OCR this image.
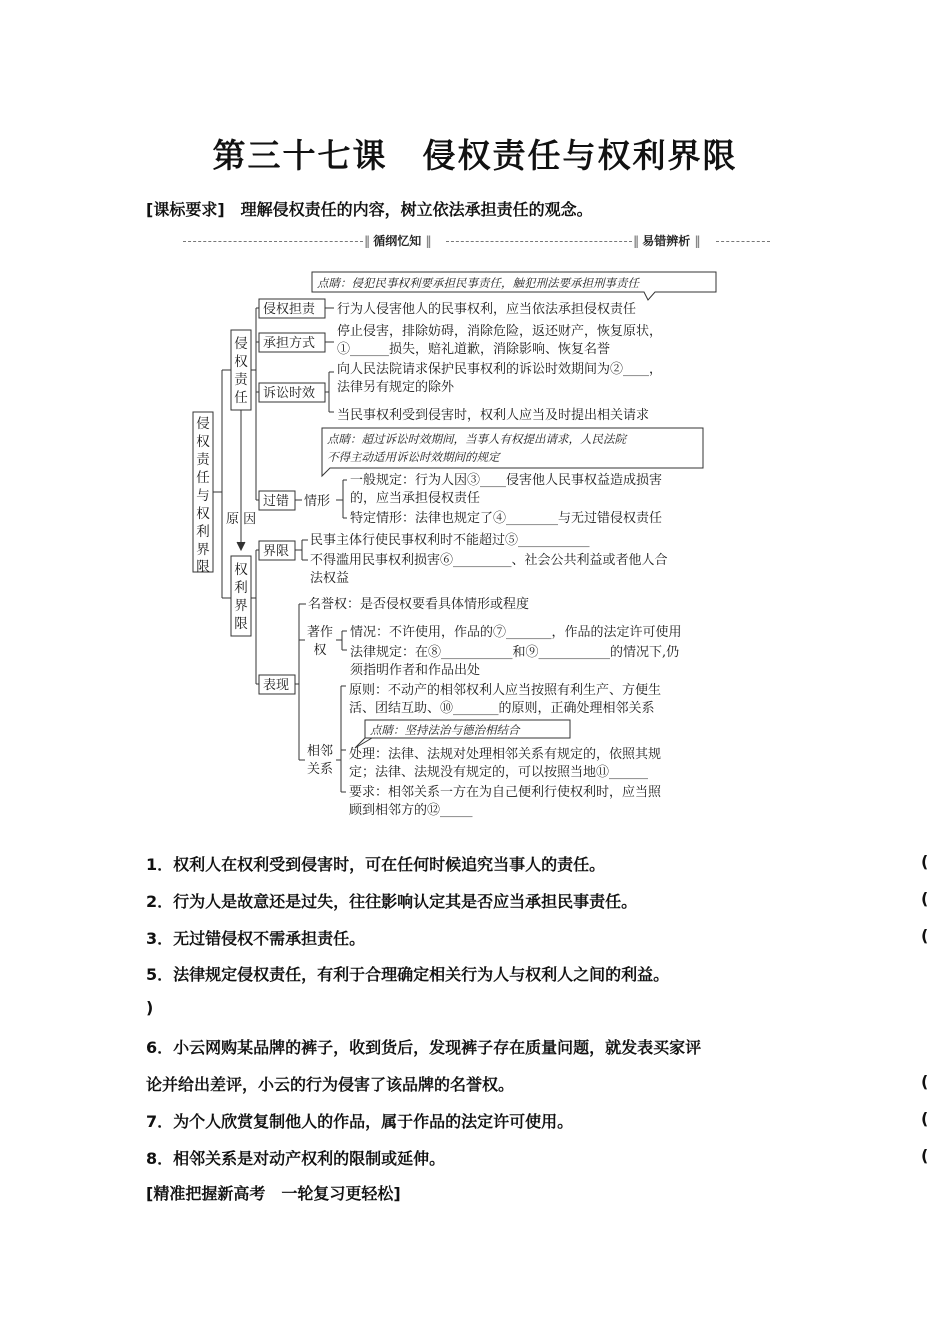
第三十七课　侵权责任与权利界限
[课标要求] 理解侵权责任的内容，树立依法承担责任的观念。
‖ 循纲忆知 ‖	‖ 易错辨析 ‖
侵
权
责
任
与
权
利
界
限
侵
权
责
任
权
利
界
限
原 因
侵权担责
承担方式
诉讼时效
过错 情形
界限
表现
著作
权
相邻
关系
点睛：侵犯民事权利要承担民事责任，触犯刑法要承担刑事责任
点睛：超过诉讼时效期间，当事人有权提出请求，人民法院
不得主动适用诉讼时效期间的规定
点睛：坚持法治与德治相结合
行为人侵害他人的民事权利，应当依法承担侵权责任
停止侵害，排除妨碍，消除危险，返还财产，恢复原状，
①______损失，赔礼道歉，消除影响、恢复名誉
向人民法院请求保护民事权利的诉讼时效期间为②____，
法律另有规定的除外
当民事权利受到侵害时，权利人应当及时提出相关请求
一般规定：行为人因③____侵害他人民事权益造成损害
的，应当承担侵权责任
特定情形：法律也规定了④________与无过错侵权责任
民事主体行使民事权利时不能超过⑤___________
不得滥用民事权利损害⑥_________、社会公共利益或者他人合
法权益
名誉权：是否侵权要看具体情形或程度
情况：不许使用，作品的⑦_______，作品的法定许可使用
法律规定：在⑧___________和⑨___________的情况下,仍
须指明作者和作品出处
原则：不动产的相邻权利人应当按照有利生产、方便生
活、团结互助、⑩_______的原则，正确处理相邻关系
处理：法律、法规对处理相邻关系有规定的，依照其规
定；法律、法规没有规定的，可以按照当地⑪______
要求：相邻关系一方在为自己便利行使权利时，应当照
顾到相邻方的⑫_____
1．权利人在权利受到侵害时，可在任何时候追究当事人的责任。	(
2．行为人是故意还是过失，往往影响认定其是否应当承担民事责任。	(
3．无过错侵权不需承担责任。	(
5．法律规定侵权责任，有利于合理确定相关行为人与权利人之间的利益。
)
6．小云网购某品牌的裤子，收到货后，发现裤子存在质量问题，就发表买家评
论并给出差评，小云的行为侵害了该品牌的名誉权。	(
7．为个人欣赏复制他人的作品，属于作品的法定许可使用。	(
8．相邻关系是对动产权利的限制或延伸。	(
[精准把握新高考　一轮复习更轻松]
